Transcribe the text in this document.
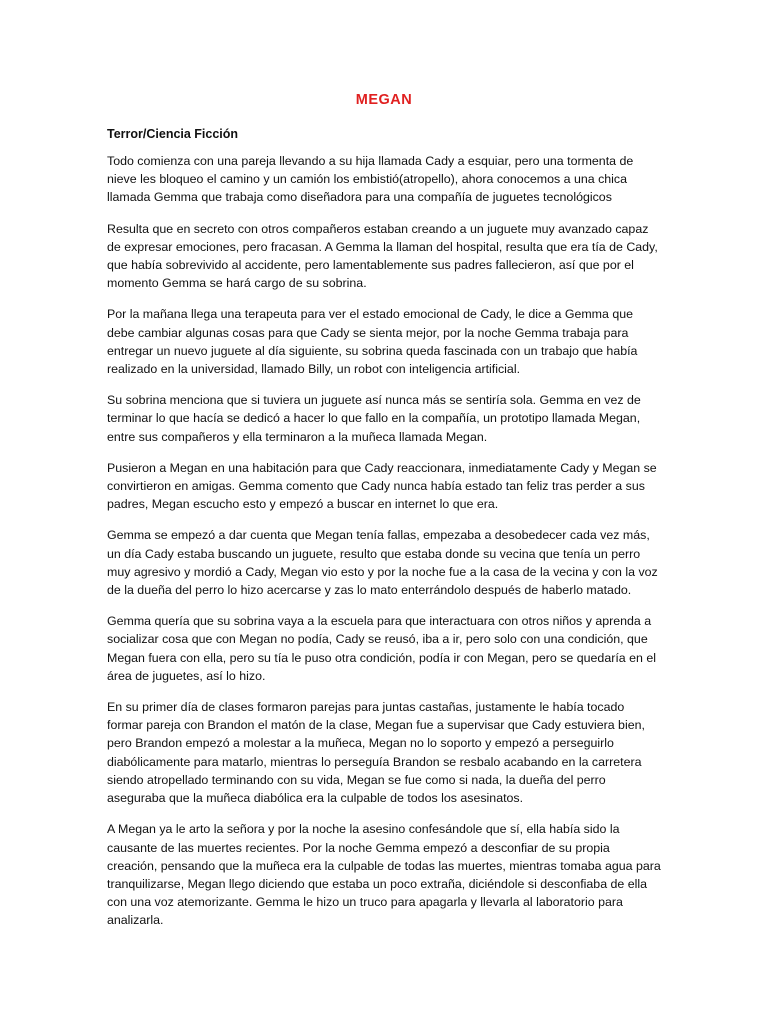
MEGAN
Terror/Ciencia Ficción

Todo comienza con una pareja llevando a su hija llamada Cady a esquiar, pero una tormenta de nieve les bloqueo el camino y un camión los embistió(atropello), ahora conocemos a una chica llamada Gemma que trabaja como diseñadora para una compañía de juguetes tecnológicos

Resulta que en secreto con otros compañeros estaban creando a un juguete muy avanzado capaz de expresar emociones, pero fracasan. A Gemma la llaman del hospital, resulta que era tía de Cady, que había sobrevivido al accidente, pero lamentablemente sus padres fallecieron, así que por el momento Gemma se hará cargo de su sobrina.

Por la mañana llega una terapeuta para ver el estado emocional de Cady, le dice a Gemma que debe cambiar algunas cosas para que Cady se sienta mejor, por la noche Gemma trabaja para entregar un nuevo juguete al día siguiente, su sobrina queda fascinada con un trabajo que había realizado en la universidad, llamado Billy, un robot con inteligencia artificial.

Su sobrina menciona que si tuviera un juguete así nunca más se sentiría sola. Gemma en vez de terminar lo que hacía se dedicó a hacer lo que fallo en la compañía, un prototipo llamada Megan, entre sus compañeros y ella terminaron a la muñeca llamada Megan.

Pusieron a Megan en una habitación para que Cady reaccionara, inmediatamente Cady y Megan se convirtieron en amigas. Gemma comento que Cady nunca había estado tan feliz tras perder a sus padres, Megan escucho esto y empezó a buscar en internet lo que era.

Gemma se empezó a dar cuenta que Megan tenía fallas, empezaba a desobedecer cada vez más, un día Cady estaba buscando un juguete, resulto que estaba donde su vecina que tenía un perro muy agresivo y mordió a Cady, Megan vio esto y por la noche fue a la casa de la vecina y con la voz de la dueña del perro lo hizo acercarse y zas lo mato enterrándolo después de haberlo matado.

Gemma quería que su sobrina vaya a la escuela para que interactuara con otros niños y aprenda a socializar cosa que con Megan no podía, Cady se reusó, iba a ir, pero solo con una condición, que Megan fuera con ella, pero su tía le puso otra condición, podía ir con Megan, pero se quedaría en el área de juguetes, así lo hizo.

En su primer día de clases formaron parejas para juntas castañas, justamente le había tocado formar pareja con Brandon el matón de la clase, Megan fue a supervisar que Cady estuviera bien, pero Brandon empezó a molestar a la muñeca, Megan no lo soporto y empezó a perseguirlo diabólicamente para matarlo, mientras lo perseguía Brandon se resbalo acabando en la carretera siendo atropellado terminando con su vida, Megan se fue como si nada, la dueña del perro aseguraba que la muñeca diabólica era la culpable de todos los asesinatos.

A Megan ya le arto la señora y por la noche la asesino confesándole que sí, ella había sido la causante de las muertes recientes. Por la noche Gemma empezó a desconfiar de su propia creación, pensando que la muñeca era la culpable de todas las muertes, mientras tomaba agua para tranquilizarse, Megan llego diciendo que estaba un poco extraña, diciéndole si desconfiaba de ella con una voz atemorizante. Gemma le hizo un truco para apagarla y llevarla al laboratorio para analizarla.
